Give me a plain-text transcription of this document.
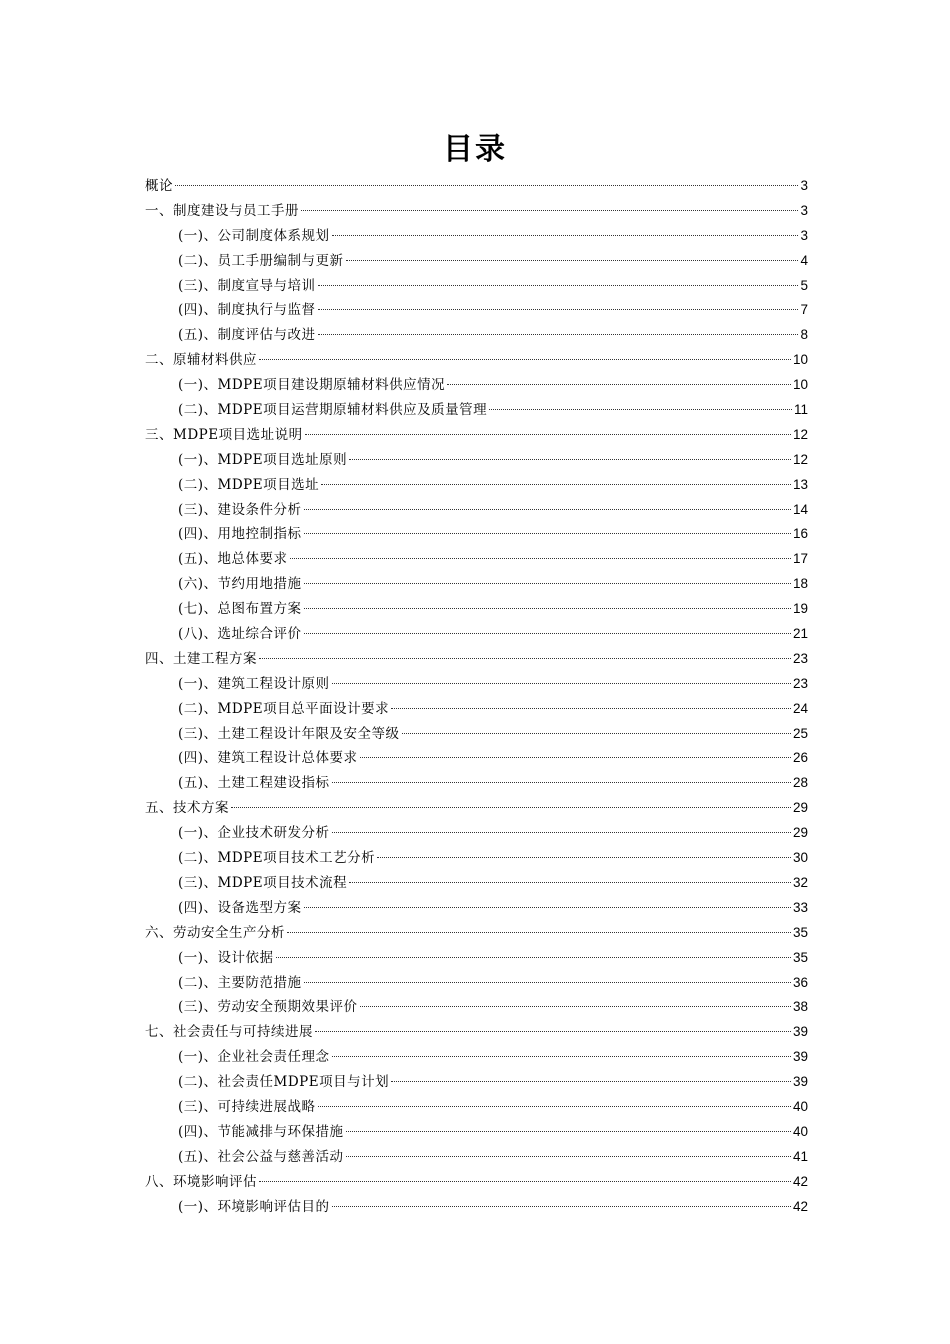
目录
概论	3
一、制度建设与员工手册	3
(一)、公司制度体系规划	3
(二)、员工手册编制与更新	4
(三)、制度宣导与培训	5
(四)、制度执行与监督	7
(五)、制度评估与改进	8
二、原辅材料供应	10
(一)、MDPE项目建设期原辅材料供应情况	10
(二)、MDPE项目运营期原辅材料供应及质量管理	11
三、MDPE项目选址说明	12
(一)、MDPE项目选址原则	12
(二)、MDPE项目选址	13
(三)、建设条件分析	14
(四)、用地控制指标	16
(五)、地总体要求	17
(六)、节约用地措施	18
(七)、总图布置方案	19
(八)、选址综合评价	21
四、土建工程方案	23
(一)、建筑工程设计原则	23
(二)、MDPE项目总平面设计要求	24
(三)、土建工程设计年限及安全等级	25
(四)、建筑工程设计总体要求	26
(五)、土建工程建设指标	28
五、技术方案	29
(一)、企业技术研发分析	29
(二)、MDPE项目技术工艺分析	30
(三)、MDPE项目技术流程	32
(四)、设备选型方案	33
六、劳动安全生产分析	35
(一)、设计依据	35
(二)、主要防范措施	36
(三)、劳动安全预期效果评价	38
七、社会责任与可持续进展	39
(一)、企业社会责任理念	39
(二)、社会责任MDPE项目与计划	39
(三)、可持续进展战略	40
(四)、节能减排与环保措施	40
(五)、社会公益与慈善活动	41
八、环境影响评估	42
(一)、环境影响评估目的	42
